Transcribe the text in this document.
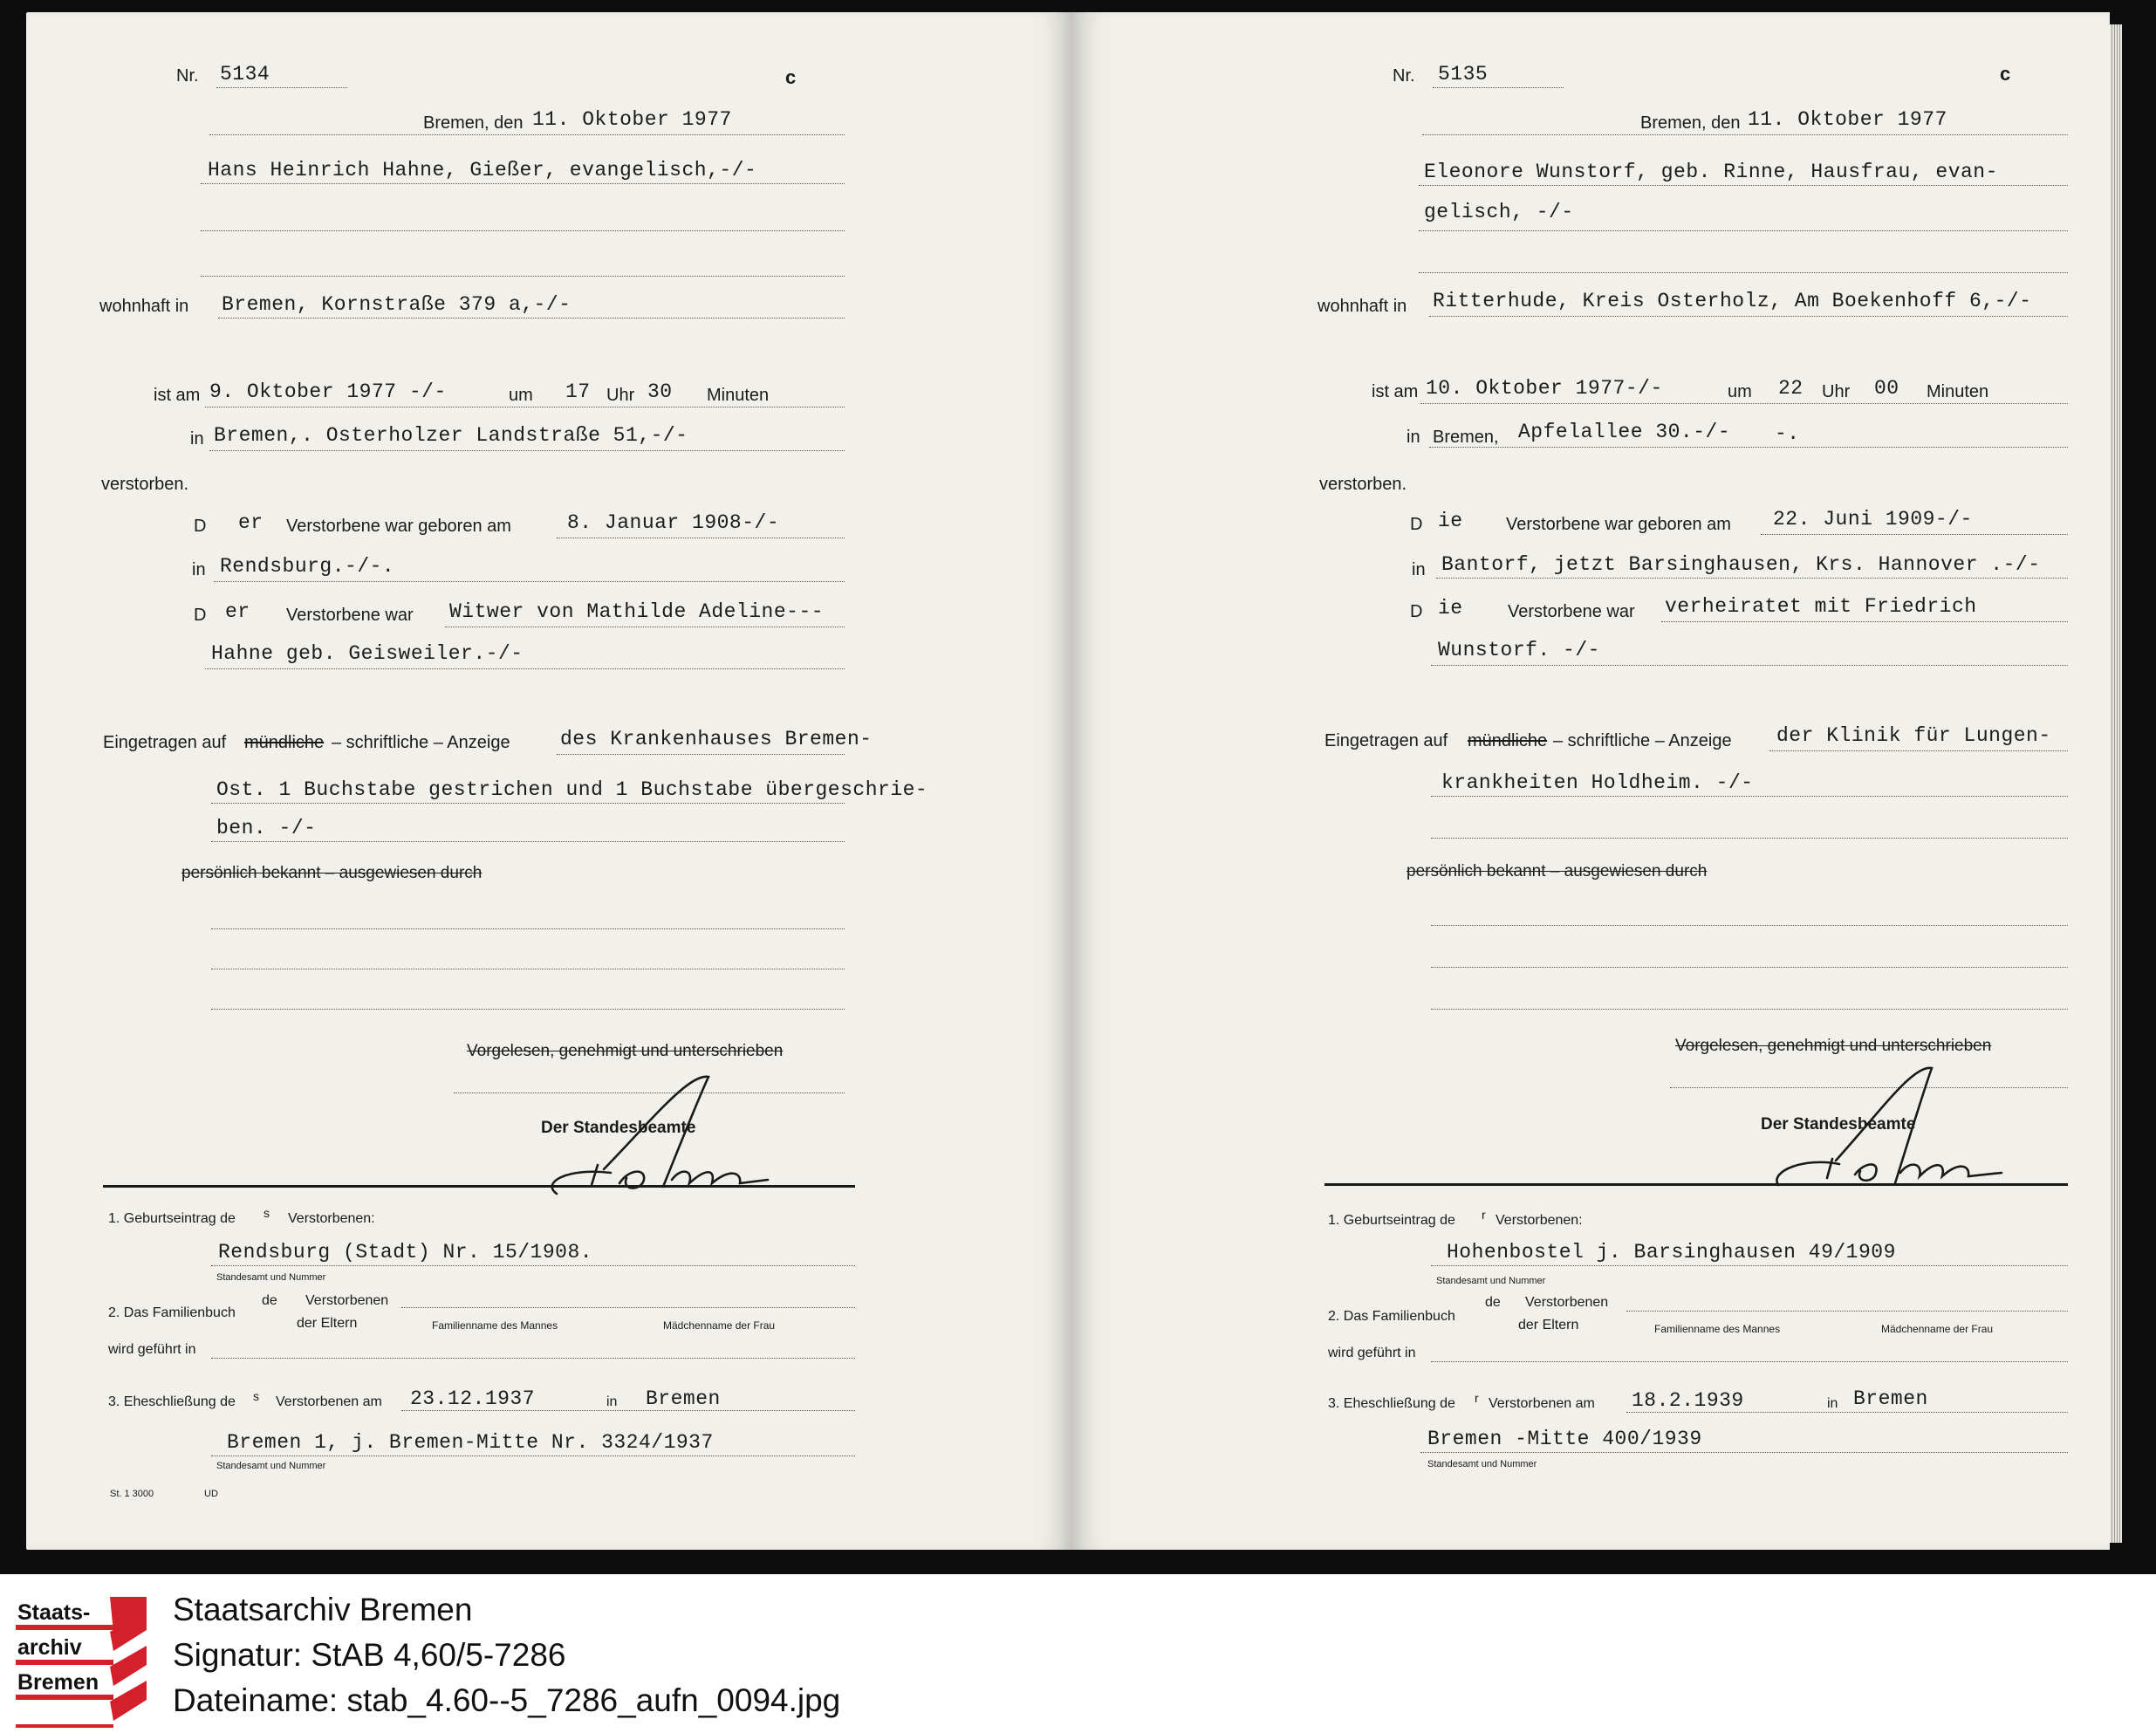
Nr. 5134	c
Bremen, den 11. Oktober 1977
Hans Heinrich Hahne, Gießer, evangelisch,-/-
wohnhaft in Bremen, Kornstraße 379 a,-/-
ist am 9. Oktober 1977 -/-	um 17 Uhr 30 Minuten
in Bremen,. Osterholzer Landstraße 51,-/-
verstorben.
D er Verstorbene war geboren am	8. Januar 1908-/-
in Rendsburg.-/-.
D er Verstorbene war Witwer von Mathilde Adeline---
Hahne geb. Geisweiler.-/-
Eingetragen auf mündliche – schriftliche – Anzeige des Krankenhauses Bremen-
Ost. 1 Buchstabe gestrichen und 1 Buchstabe übergeschrie-
ben. -/-
persönlich bekannt – ausgewiesen durch
Vorgelesen, genehmigt und unterschrieben
Der Standesbeamte
1. Geburtseintrag de s Verstorbenen:
Rendsburg (Stadt) Nr. 15/1908.
Standesamt und Nummer
2. Das Familienbuch
de Verstorbenen
der Eltern	Familienname des Mannes	Mädchenname der Frau
wird geführt in
3. Eheschließung de s Verstorbenen am 23.12.1937	in Bremen
Bremen 1, j. Bremen-Mitte Nr. 3324/1937
Standesamt und Nummer
St. 1 3000	UD
Nr. 5135	c
Bremen, den 11. Oktober 1977
Eleonore Wunstorf, geb. Rinne, Hausfrau, evan-
gelisch, -/-
wohnhaft in Ritterhude, Kreis Osterholz, Am Boekenhoff 6,-/-
ist am 10. Oktober 1977-/-	um 22 Uhr 00 Minuten
in Bremen, Apfelallee 30.-/- -.
verstorben.
D ie Verstorbene war geboren am 22. Juni 1909-/-
in Bantorf, jetzt Barsinghausen, Krs. Hannover .-/-
D ie	Verstorbene war verheiratet mit Friedrich
Wunstorf. -/-
Eingetragen auf mündliche – schriftliche – Anzeige der Klinik für Lungen-
krankheiten Holdheim. -/-
persönlich bekannt – ausgewiesen durch
Vorgelesen, genehmigt und unterschrieben
Der Standesbeamte
1. Geburtseintrag de r Verstorbenen:
Hohenbostel j. Barsinghausen 49/1909
Standesamt und Nummer
2. Das Familienbuch
de Verstorbenen
der Eltern	Familienname des Mannes	Mädchenname der Frau
wird geführt in
3. Eheschließung de r Verstorbenen am 18.2.1939	in Bremen
Bremen -Mitte 400/1939
Standesamt und Nummer
Staats-
archiv
Bremen
Staatsarchiv Bremen
Signatur: StAB 4,60/5-7286
Dateiname: stab_4.60--5_7286_aufn_0094.jpg
